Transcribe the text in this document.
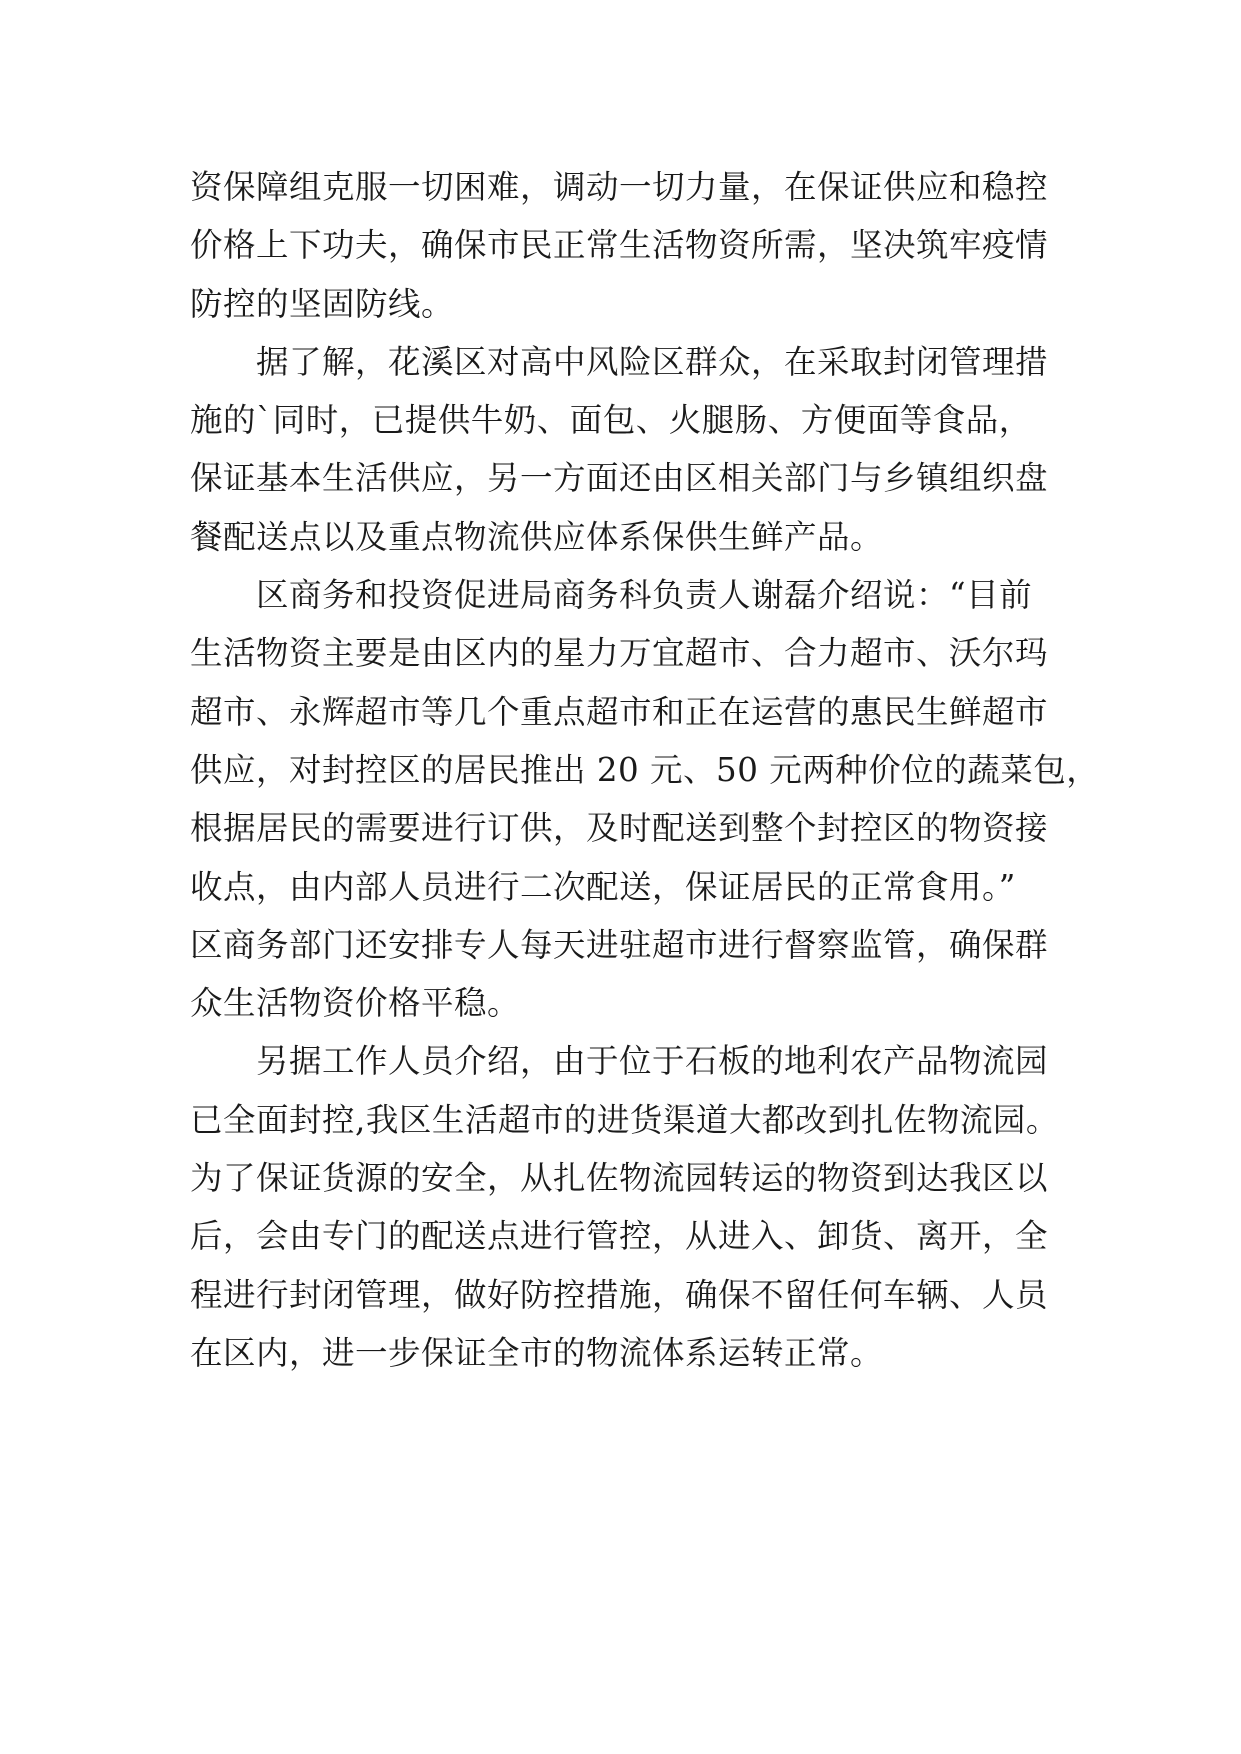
资保障组克服一切困难，调动一切力量，在保证供应和稳控
价格上下功夫，确保市民正常生活物资所需，坚决筑牢疫情
防控的坚固防线。
据了解，花溪区对高中风险区群众，在采取封闭管理措
施的`同时，已提供牛奶、面包、火腿肠、方便面等食品，
保证基本生活供应，另一方面还由区相关部门与乡镇组织盘
餐配送点以及重点物流供应体系保供生鲜产品。
区商务和投资促进局商务科负责人谢磊介绍说：“目前
生活物资主要是由区内的星力万宜超市、合力超市、沃尔玛
超市、永辉超市等几个重点超市和正在运营的惠民生鲜超市
供应，对封控区的居民推出 20 元、50 元两种价位的蔬菜包，
根据居民的需要进行订供，及时配送到整个封控区的物资接
收点，由内部人员进行二次配送，保证居民的正常食用。”
区商务部门还安排专人每天进驻超市进行督察监管，确保群
众生活物资价格平稳。
另据工作人员介绍，由于位于石板的地利农产品物流园
已全面封控,我区生活超市的进货渠道大都改到扎佐物流园。
为了保证货源的安全，从扎佐物流园转运的物资到达我区以
后，会由专门的配送点进行管控，从进入、卸货、离开，全
程进行封闭管理，做好防控措施，确保不留任何车辆、人员
在区内，进一步保证全市的物流体系运转正常。
